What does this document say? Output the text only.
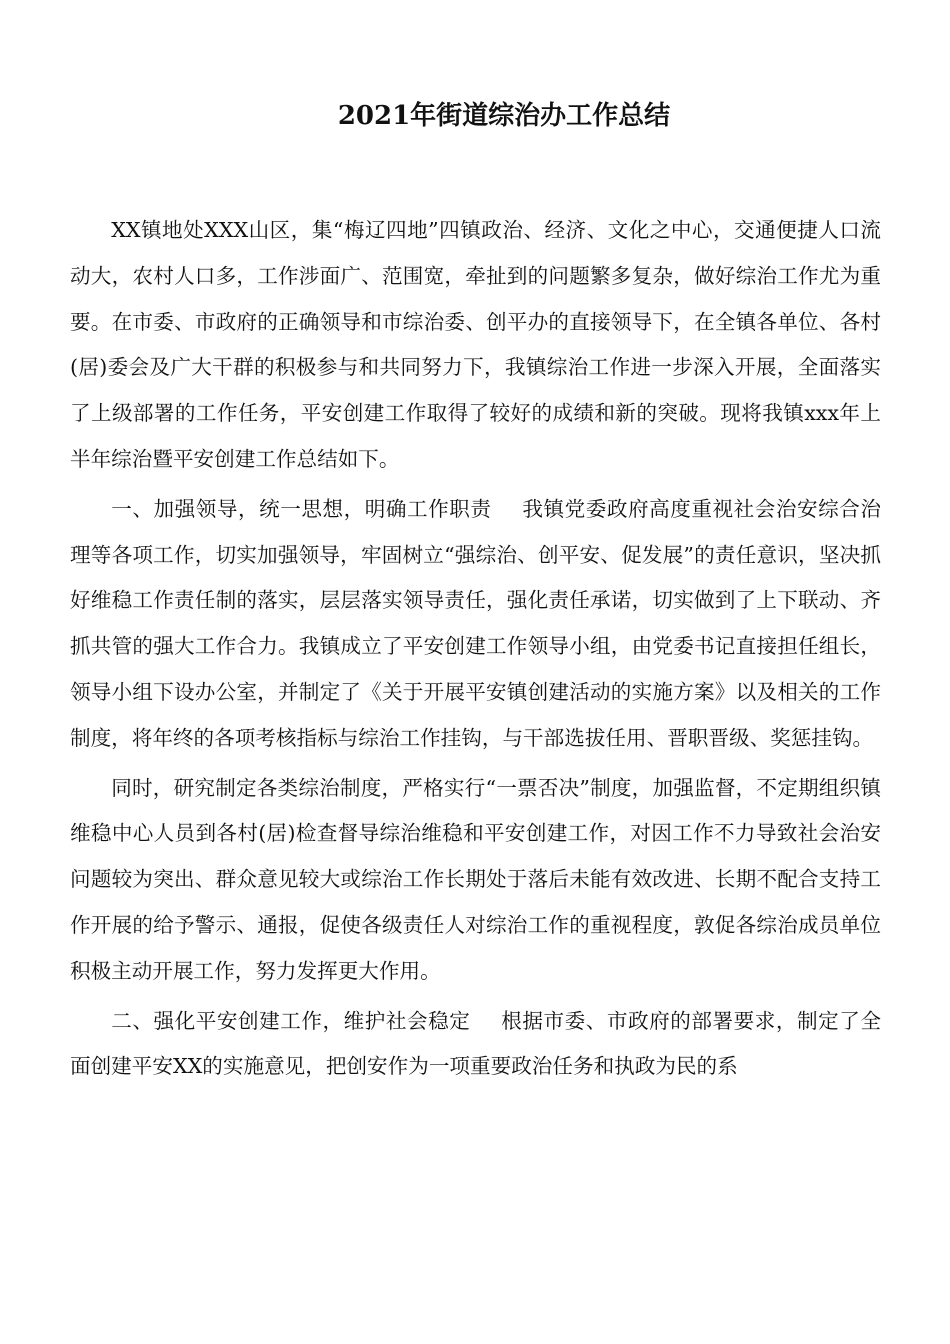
2021年街道综治办工作总结

XX镇地处XXX山区，集“梅辽四地”四镇政治、经济、文化之中心，交通便捷人口流动大，农村人口多，工作涉面广、范围宽，牵扯到的问题繁多复杂，做好综治工作尤为重要。在市委、市政府的正确领导和市综治委、创平办的直接领导下，在全镇各单位、各村(居)委会及广大干群的积极参与和共同努力下，我镇综治工作进一步深入开展，全面落实了上级部署的工作任务，平安创建工作取得了较好的成绩和新的突破。现将我镇xxx年上半年综治暨平安创建工作总结如下。

一、加强领导，统一思想，明确工作职责 我镇党委政府高度重视社会治安综合治理等各项工作，切实加强领导，牢固树立“强综治、创平安、促发展”的责任意识，坚决抓好维稳工作责任制的落实，层层落实领导责任，强化责任承诺，切实做到了上下联动、齐抓共管的强大工作合力。我镇成立了平安创建工作领导小组，由党委书记直接担任组长，领导小组下设办公室，并制定了《关于开展平安镇创建活动的实施方案》以及相关的工作制度，将年终的各项考核指标与综治工作挂钩，与干部选拔任用、晋职晋级、奖惩挂钩。

同时，研究制定各类综治制度，严格实行“一票否决”制度，加强监督，不定期组织镇维稳中心人员到各村(居)检查督导综治维稳和平安创建工作，对因工作不力导致社会治安问题较为突出、群众意见较大或综治工作长期处于落后未能有效改进、长期不配合支持工作开展的给予警示、通报，促使各级责任人对综治工作的重视程度，敦促各综治成员单位积极主动开展工作，努力发挥更大作用。

二、强化平安创建工作，维护社会稳定 根据市委、市政府的部署要求，制定了全面创建平安XX的实施意见，把创安作为一项重要政治任务和执政为民的系
